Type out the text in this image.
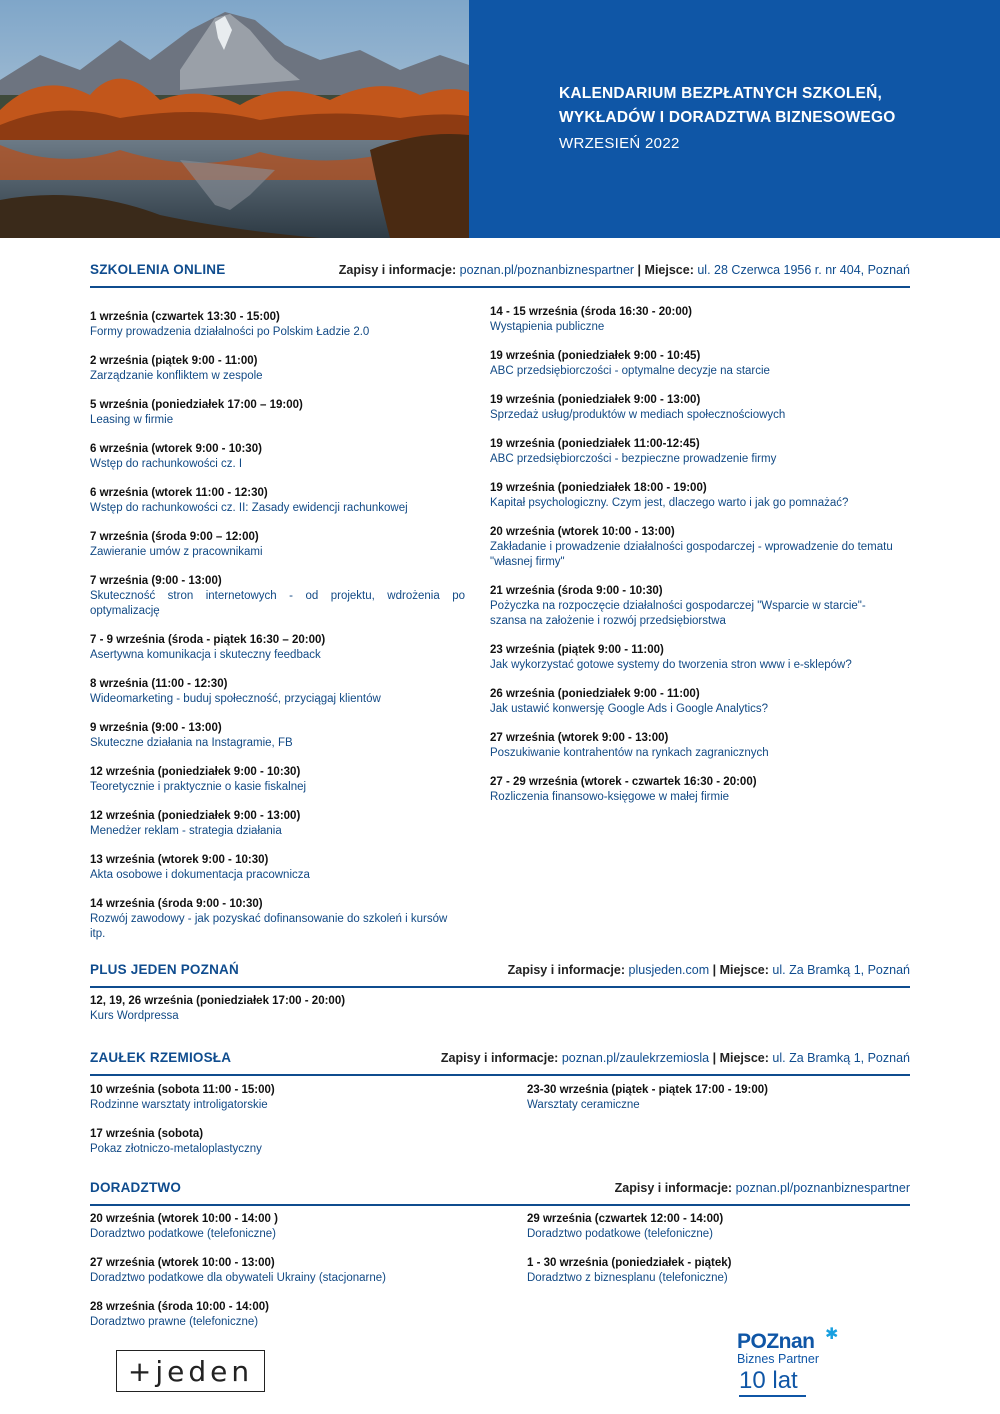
KALENDARIUM BEZPŁATNYCH SZKOLEŃ,
WYKŁADÓW I DORADZTWA BIZNESOWEGO
WRZESIEŃ 2022
SZKOLENIA ONLINE	Zapisy i informacje: poznan.pl/poznanbiznespartner | Miejsce: ul. 28 Czerwca 1956 r. nr 404, Poznań
1 września (czwartek 13:30 - 15:00)
Formy prowadzenia działalności po Polskim Ładzie 2.0
2 września (piątek 9:00 - 11:00)
Zarządzanie konfliktem w zespole
5 września (poniedziałek 17:00 – 19:00)
Leasing w firmie
6 września (wtorek 9:00 - 10:30)
Wstęp do rachunkowości cz. I
6 września (wtorek 11:00 - 12:30)
Wstęp do rachunkowości cz. II: Zasady ewidencji rachunkowej
7 września (środa 9:00 – 12:00)
Zawieranie umów z pracownikami
7 września (9:00 - 13:00)
Skuteczność stron internetowych - od projektu, wdrożenia po optymalizację
7 - 9 września (środa - piątek 16:30 – 20:00)
Asertywna komunikacja i skuteczny feedback
8 września (11:00 - 12:30)
Wideomarketing - buduj społeczność, przyciągaj klientów
9 września (9:00 - 13:00)
Skuteczne działania na Instagramie, FB
12 września (poniedziałek 9:00 - 10:30)
Teoretycznie i praktycznie o kasie fiskalnej
12 września (poniedziałek 9:00 - 13:00)
Menedżer reklam - strategia działania
13 września (wtorek 9:00 - 10:30)
Akta osobowe i dokumentacja pracownicza
14 września (środa 9:00 - 10:30)
Rozwój zawodowy - jak pozyskać dofinansowanie do szkoleń i kursów itp.
14 - 15 września (środa 16:30 - 20:00)
Wystąpienia publiczne
19 września (poniedziałek 9:00 - 10:45)
ABC przedsiębiorczości - optymalne decyzje na starcie
19 września (poniedziałek 9:00 - 13:00)
Sprzedaż usług/produktów w mediach społecznościowych
19 września (poniedziałek 11:00-12:45)
ABC przedsiębiorczości - bezpieczne prowadzenie firmy
19 września (poniedziałek 18:00 - 19:00)
Kapitał psychologiczny. Czym jest, dlaczego warto i jak go pomnażać?
20 września (wtorek 10:00 - 13:00)
Zakładanie i prowadzenie działalności gospodarczej - wprowadzenie do tematu "własnej firmy"
21 września (środa 9:00 - 10:30)
Pożyczka na rozpoczęcie działalności gospodarczej "Wsparcie w starcie"- szansa na założenie i rozwój przedsiębiorstwa
23 września (piątek 9:00 - 11:00)
Jak wykorzystać gotowe systemy do tworzenia stron www i e-sklepów?
26 września (poniedziałek 9:00 - 11:00)
Jak ustawić konwersję Google Ads i Google Analytics?
27 września (wtorek 9:00 - 13:00)
Poszukiwanie kontrahentów na rynkach zagranicznych
27 - 29 września (wtorek - czwartek 16:30 - 20:00)
Rozliczenia finansowo-księgowe w małej firmie
PLUS JEDEN POZNAŃ	Zapisy i informacje: plusjeden.com | Miejsce: ul. Za Bramką 1, Poznań
12, 19, 26 września (poniedziałek 17:00 - 20:00)
Kurs Wordpressa
ZAUŁEK RZEMIOSŁA	Zapisy i informacje: poznan.pl/zaulekrzemiosla | Miejsce: ul. Za Bramką 1, Poznań
10 września (sobota 11:00 - 15:00)
Rodzinne warsztaty introligatorskie
17 września (sobota)
Pokaz złotniczo-metaloplastyczny
23-30 września (piątek - piątek 17:00 - 19:00)
Warsztaty ceramiczne
DORADZTWO	Zapisy i informacje: poznan.pl/poznanbiznespartner
20 września (wtorek 10:00 - 14:00 )
Doradztwo podatkowe (telefoniczne)
27 września (wtorek 10:00 - 13:00)
Doradztwo podatkowe dla obywateli Ukrainy (stacjonarne)
28 września (środa 10:00 - 14:00)
Doradztwo prawne (telefoniczne)
29 września (czwartek 12:00 - 14:00)
Doradztwo podatkowe (telefoniczne)
1 - 30 września (poniedziałek - piątek)
Doradztwo z biznesplanu (telefoniczne)
+jeden
✱
POZnan
Biznes Partner
10 lat
